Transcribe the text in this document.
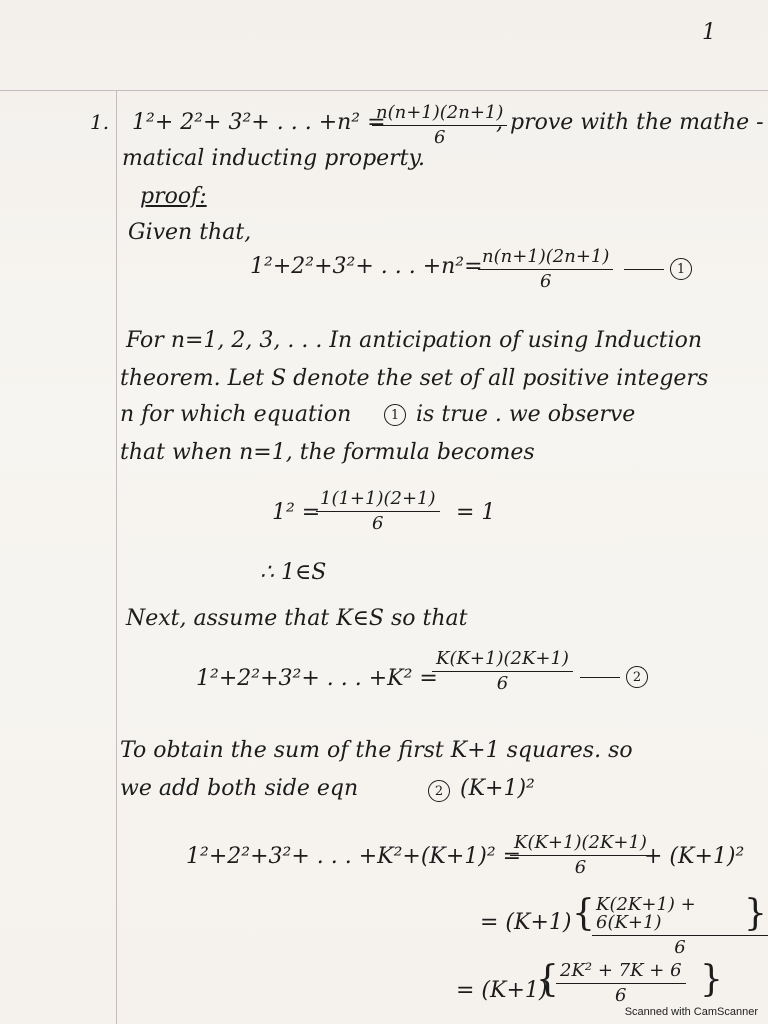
1
1. 1²+ 2²+ 3²+ . . . +n² =
$\frac{n(n+1)(2n+1)}{6}$
, prove with the mathe -
matical inducting property.
proof:
Given that,
1²+2²+3²+ . . . +n²=
$\frac{n(n+1)(2n+1)}{6}$	1
For n=1, 2, 3, . . . In anticipation of using Induction
theorem. Let S denote the set of all positive integers
n for which equation	1 is true . we observe
that when n=1, the formula becomes
1² =
$\frac{1(1+1)(2+1)}{6} = 1$
∴ 1∈S
Next, assume that K∈S so that
1²+2²+3²+ . . . +K² =
$\frac{K(K+1)(2K+1)}{6}$	2
To obtain the sum of the first K+1 squares. so
we add both side eqn	2 (K+1)²
1²+2²+3²+ . . . +K²+(K+1)² =
$\frac{K(K+1)(2K+1)}{6}$
+ (K+1)²
= (K+1) {
$\frac{K(2K+1) + 6(K+1)}{6}$
}
= (K+1)
{
$\frac{\text{2K² + 7K + 6}}{6}$ }
Scanned with CamScanner
